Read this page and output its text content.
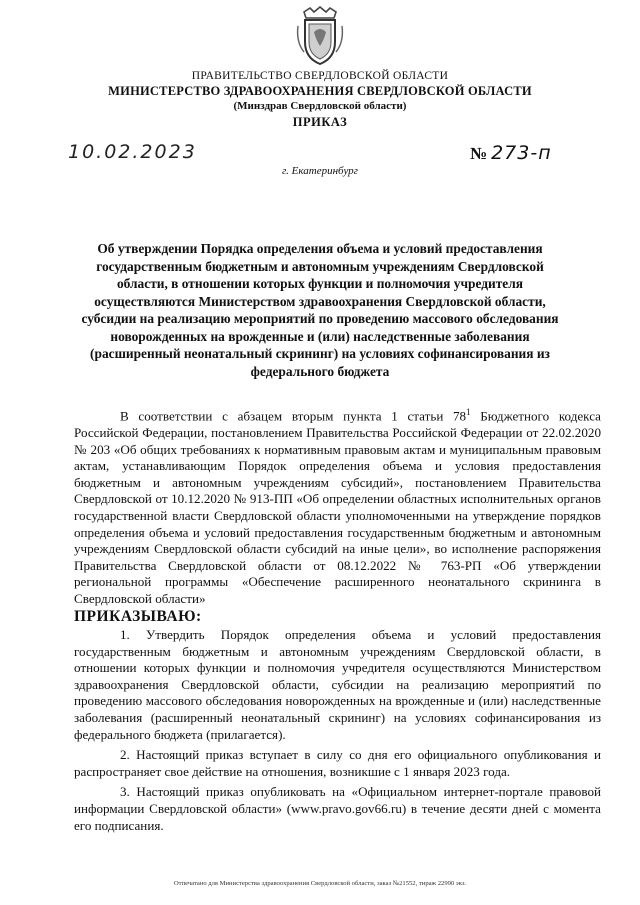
ПРАВИТЕЛЬСТВО СВЕРДЛОВСКОЙ ОБЛАСТИ
МИНИСТЕРСТВО ЗДРАВООХРАНЕНИЯ СВЕРДЛОВСКОЙ ОБЛАСТИ
(Минздрав Свердловской области)
ПРИКАЗ
10.02.2023	№ 273-п
г. Екатеринбург
Об утверждении Порядка определения объема и условий предоставления государственным бюджетным и автономным учреждениям Свердловской области, в отношении которых функции и полномочия учредителя осуществляются Министерством здравоохранения Свердловской области, субсидии на реализацию мероприятий по проведению массового обследования новорожденных на врожденные и (или) наследственные заболевания (расширенный неонатальный скрининг) на условиях софинансирования из федерального бюджета

В соответствии с абзацем вторым пункта 1 статьи $78^1$ Бюджетного кодекса Российской Федерации, постановлением Правительства Российской Федерации от 22.02.2020 № 203 «Об общих требованиях к нормативным правовым актам и муниципальным правовым актам, устанавливающим Порядок определения объема и условия предоставления бюджетным и автономным учреждениям субсидий», постановлением Правительства Свердловской от 10.12.2020 № 913-ПП «Об определении областных исполнительных органов государственной власти Свердловской области уполномоченными на утверждение порядков определения объема и условий предоставления государственным бюджетным и автономным учреждениям Свердловской области субсидий на иные цели», во исполнение распоряжения Правительства Свердловской области от 08.12.2022 № 763-РП «Об утверждении региональной программы «Обеспечение расширенного неонатального скрининга в Свердловской области»

ПРИКАЗЫВАЮ:

1. Утвердить Порядок определения объема и условий предоставления государственным бюджетным и автономным учреждениям Свердловской области, в отношении которых функции и полномочия учредителя осуществляются Министерством здравоохранения Свердловской области, субсидии на реализацию мероприятий по проведению массового обследования новорожденных на врожденные и (или) наследственные заболевания (расширенный неонатальный скрининг) на условиях софинансирования из федерального бюджета (прилагается).

2. Настоящий приказ вступает в силу со дня его официального опубликования и распространяет свое действие на отношения, возникшие с 1 января 2023 года.

3. Настоящий приказ опубликовать на «Официальном интернет-портале правовой информации Свердловской области» (www.pravo.gov66.ru) в течение десяти дней с момента его подписания.

Отпечатано для Министерства здравоохранения Свердловской области, заказ №21552, тираж 22990 экз.
